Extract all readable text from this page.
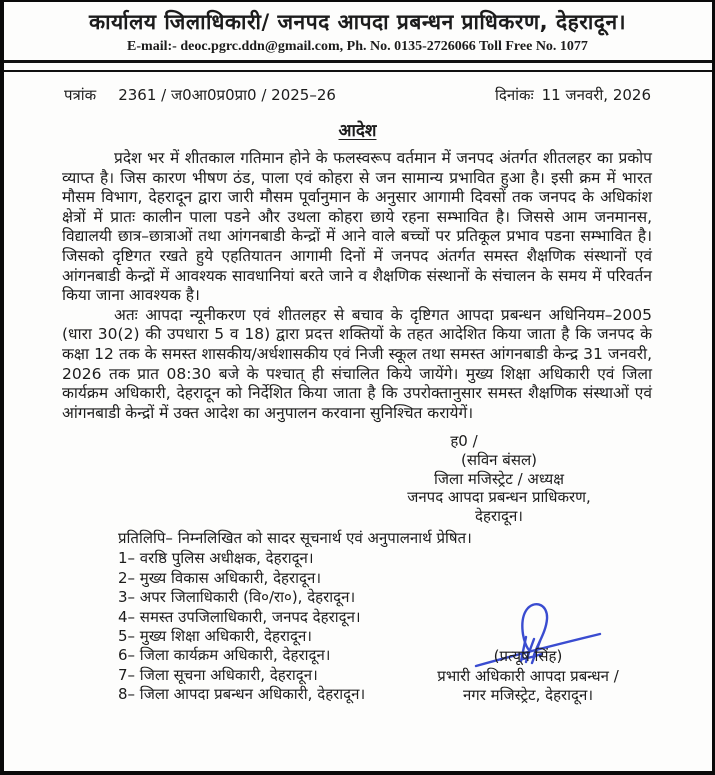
कार्यालय जिलाधिकारी/ जनपद आपदा प्रबन्धन प्राधिकरण, देहरादून।
E-mail:- deoc.pgrc.ddn@gmail.com, Ph. No. 0135-2726066 Toll Free No. 1077
पत्रांक 2361 / ज0आ0प्र0प्रा0 / 2025–26	दिनांकः 11 जनवरी, 2026
आदेश

प्रदेश भर में शीतकाल गतिमान होने के फलस्वरूप वर्तमान में जनपद अंतर्गत शीतलहर का प्रकोप व्याप्त है। जिस कारण भीषण ठंड, पाला एवं कोहरा से जन सामान्य प्रभावित हुआ है। इसी क्रम में भारत मौसम विभाग, देहरादून द्वारा जारी मौसम पूर्वानुमान के अनुसार आगामी दिवसों तक जनपद के अधिकांश क्षेत्रों में प्रातः कालीन पाला पडने और उथला कोहरा छाये रहना सम्भावित है। जिससे आम जनमानस, विद्यालयी छात्र–छात्राओं तथा आंगनबाडी केन्द्रों में आने वाले बच्चों पर प्रतिकूल प्रभाव पडना सम्भावित है। जिसको दृष्टिगत रखते हुये एहतियातन आगामी दिनों में जनपद अंतर्गत समस्त शैक्षणिक संस्थानों एवं आंगनबाडी केन्द्रों में आवश्यक सावधानियां बरते जाने व शैक्षणिक संस्थानों के संचालन के समय में परिवर्तन किया जाना आवश्यक है।

अतः आपदा न्यूनीकरण एवं शीतलहर से बचाव के दृष्टिगत आपदा प्रबन्धन अधिनियम–2005 (धारा 30(2) की उपधारा 5 व 18) द्वारा प्रदत्त शक्तियों के तहत आदेशित किया जाता है कि जनपद के कक्षा 12 तक के समस्त शासकीय/अर्धशासकीय एवं निजी स्कूल तथा समस्त आंगनबाडी केन्द्र 31 जनवरी, 2026 तक प्रात 08:30 बजे के पश्चात् ही संचालित किये जायेंगे। मुख्य शिक्षा अधिकारी एवं जिला कार्यक्रम अधिकारी, देहरादून को निर्देशित किया जाता है कि उपरोक्तानुसार समस्त शैक्षणिक संस्थाओं एवं आंगनबाडी केन्द्रों में उक्त आदेश का अनुपालन करवाना सुनिश्चित करायेगें।

ह0 /
(सविन बंसल)
जिला मजिस्ट्रेट / अध्यक्ष
जनपद आपदा प्रबन्धन प्राधिकरण,
देहरादून।
प्रतिलिपि– निम्नलिखित को सादर सूचनार्थ एवं अनुपालनार्थ प्रेषित।
1– वरष्ठि पुलिस अधीक्षक, देहरादून।
2– मुख्य विकास अधिकारी, देहरादून।
3– अपर जिलाधिकारी (वि०/रा०), देहरादून।
4– समस्त उपजिलाधिकारी, जनपद देहरादून।
5– मुख्य शिक्षा अधिकारी, देहरादून।
6– जिला कार्यक्रम अधिकारी, देहरादून।
7– जिला सूचना अधिकारी, देहरादून।
8– जिला आपदा प्रबन्धन अधिकारी, देहरादून।
(प्रत्यूष सिंह)
प्रभारी अधिकारी आपदा प्रबन्धन /
नगर मजिस्ट्रेट, देहरादून।
